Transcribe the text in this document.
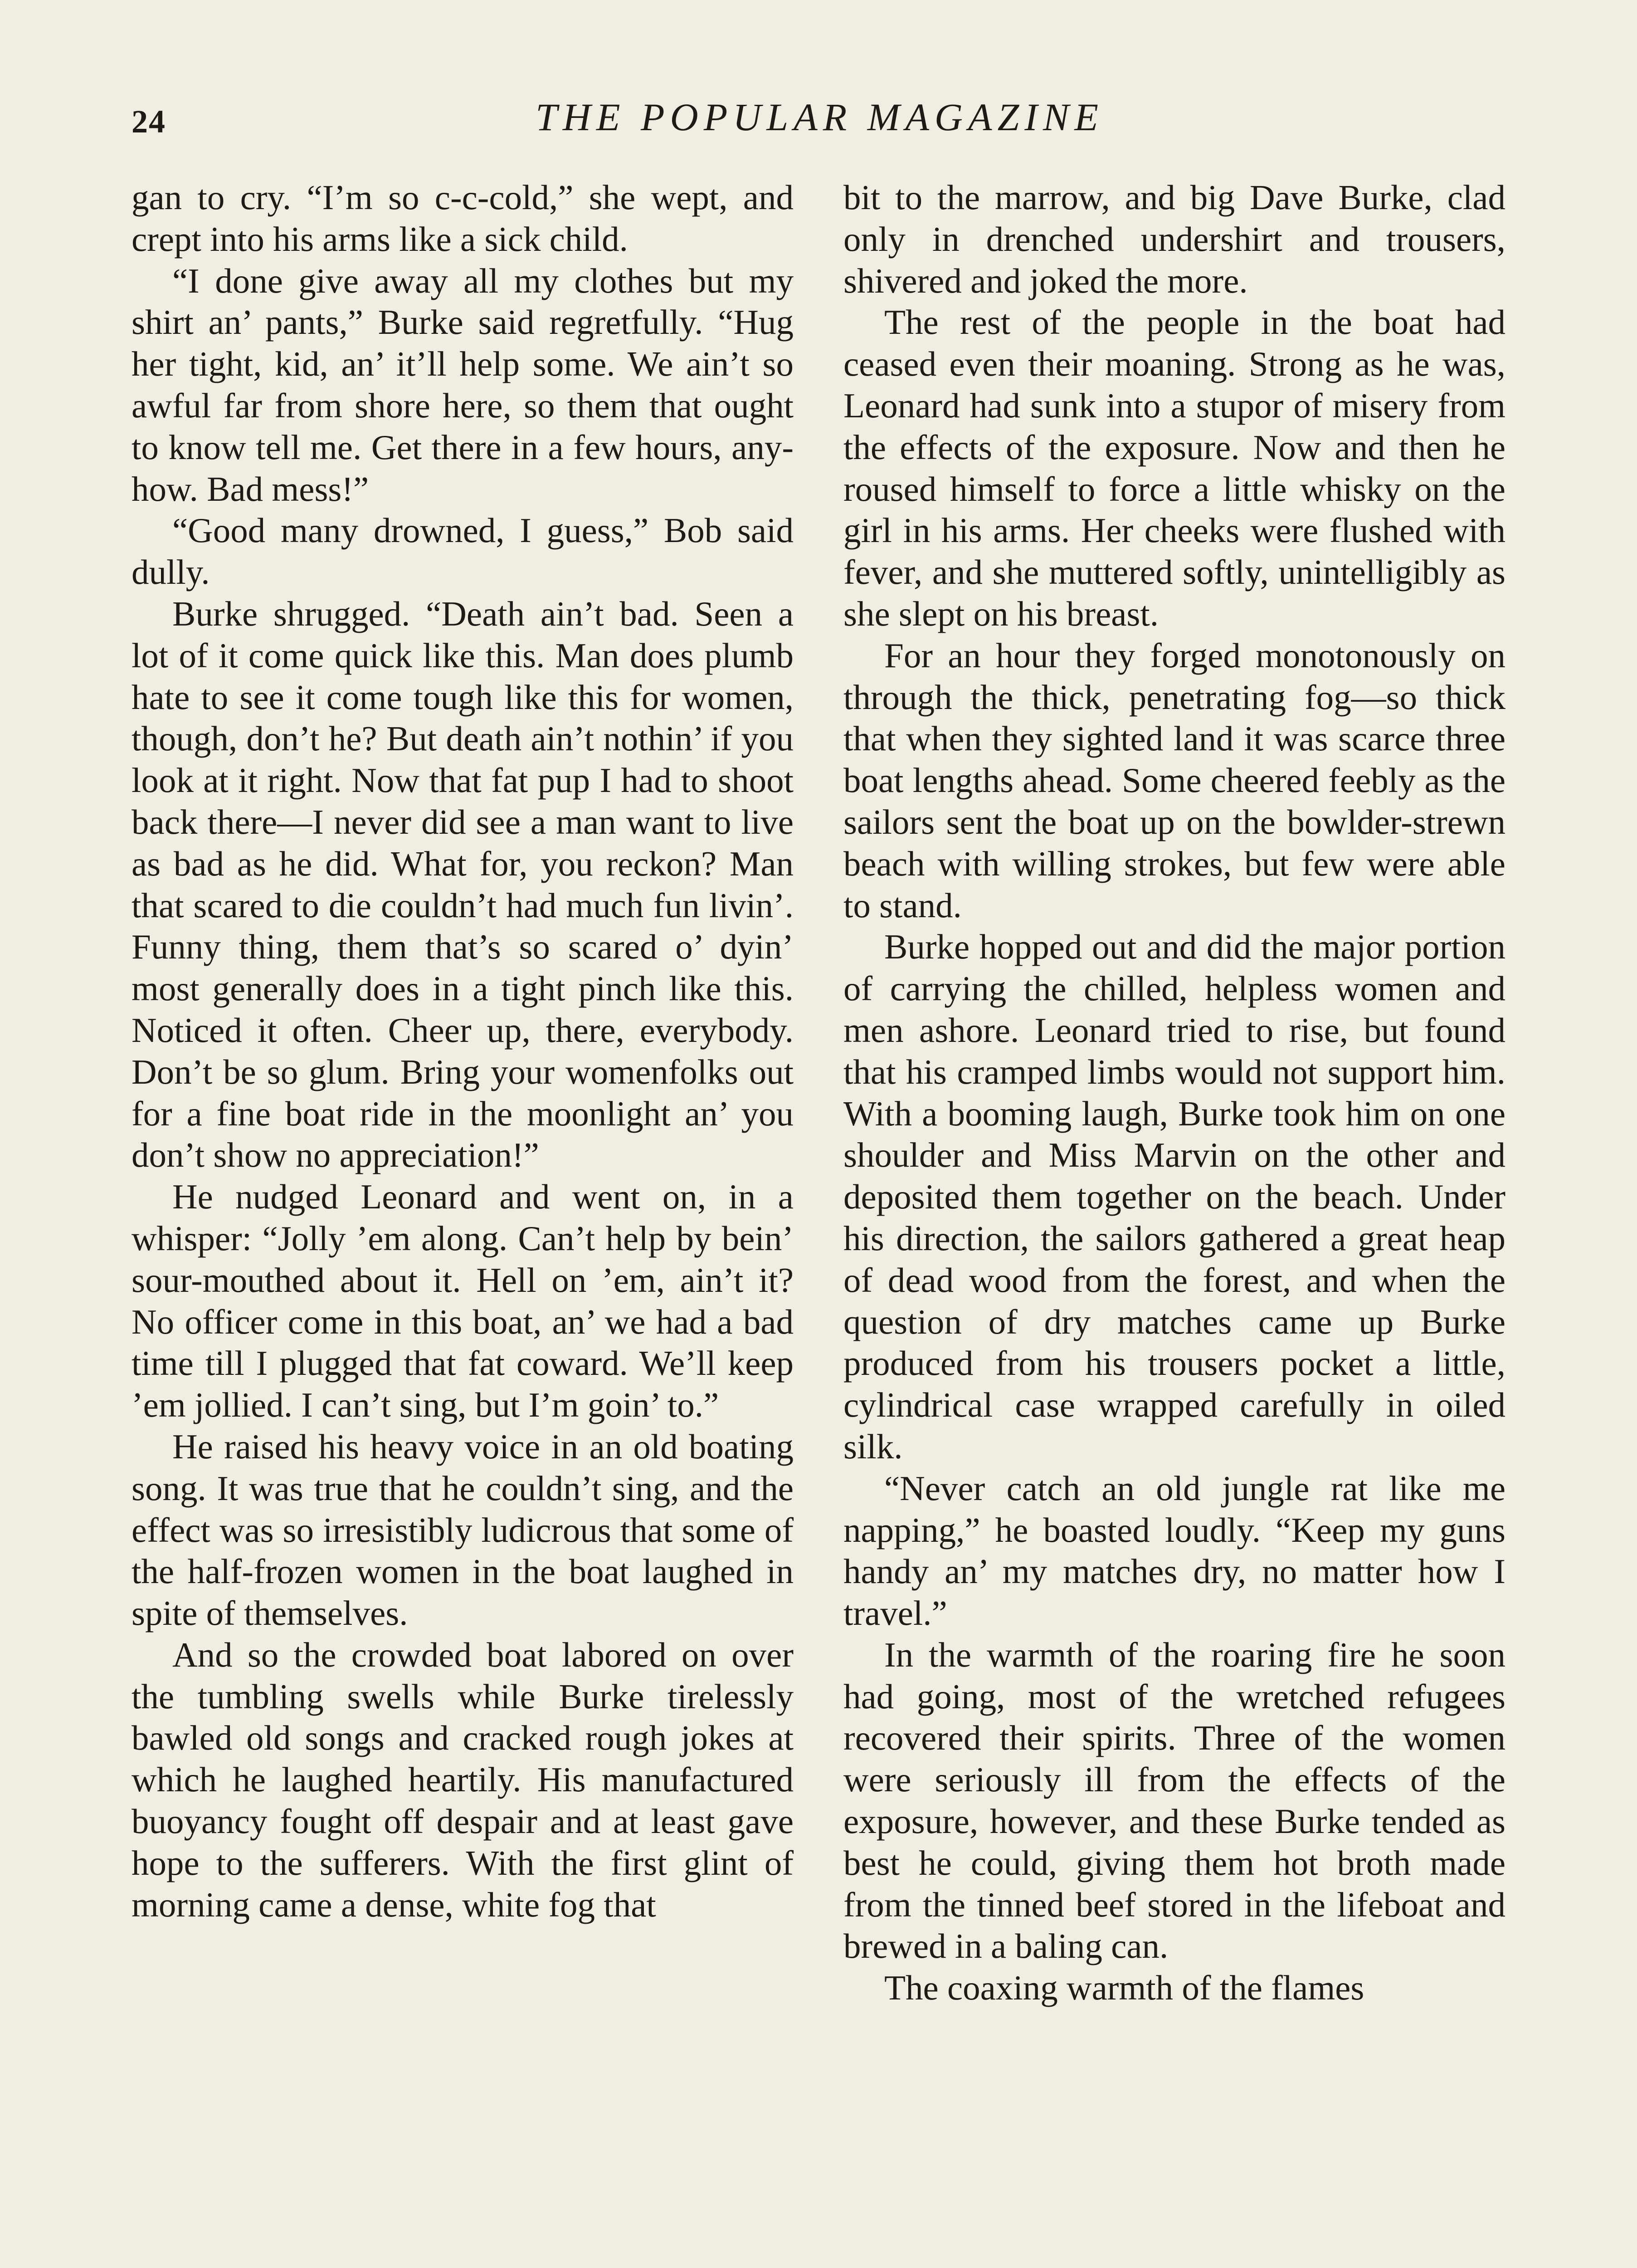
24	THE POPULAR MAGAZINE

gan to cry. “I’m so c-c-cold,” she wept, and crept into his arms like a sick child.

“I done give away all my clothes but my shirt an’ pants,” Burke said regretfully. “Hug her tight, kid, an’ it’ll help some. We ain’t so awful far from shore here, so them that ought to know tell me. Get there in a few hours, anyhow. Bad mess!”

“Good many drowned, I guess,” Bob said dully.

Burke shrugged. “Death ain’t bad. Seen a lot of it come quick like this. Man does plumb hate to see it come tough like this for women, though, don’t he? But death ain’t nothin’ if you look at it right. Now that fat pup I had to shoot back there—I never did see a man want to live as bad as he did. What for, you reckon? Man that scared to die couldn’t had much fun livin’. Funny thing, them that’s so scared o’ dyin’ most generally does in a tight pinch like this. Noticed it often. Cheer up, there, everybody. Don’t be so glum. Bring your womenfolks out for a fine boat ride in the moonlight an’ you don’t show no appreciation!”

He nudged Leonard and went on, in a whisper: “Jolly ’em along. Can’t help by bein’ sour-mouthed about it. Hell on ’em, ain’t it? No officer come in this boat, an’ we had a bad time till I plugged that fat coward. We’ll keep ’em jollied. I can’t sing, but I’m goin’ to.”

He raised his heavy voice in an old boating song. It was true that he couldn’t sing, and the effect was so irresistibly ludicrous that some of the half-frozen women in the boat laughed in spite of themselves.

And so the crowded boat labored on over the tumbling swells while Burke tirelessly bawled old songs and cracked rough jokes at which he laughed heartily. His manufactured buoyancy fought off despair and at least gave hope to the sufferers. With the first glint of morning came a dense, white fog that

bit to the marrow, and big Dave Burke, clad only in drenched undershirt and trousers, shivered and joked the more.

The rest of the people in the boat had ceased even their moaning. Strong as he was, Leonard had sunk into a stupor of misery from the effects of the exposure. Now and then he roused himself to force a little whisky on the girl in his arms. Her cheeks were flushed with fever, and she muttered softly, unintelligibly as she slept on his breast.

For an hour they forged monotonously on through the thick, penetrating fog—so thick that when they sighted land it was scarce three boat lengths ahead. Some cheered feebly as the sailors sent the boat up on the bowlder-strewn beach with willing strokes, but few were able to stand.

Burke hopped out and did the major portion of carrying the chilled, helpless women and men ashore. Leonard tried to rise, but found that his cramped limbs would not support him. With a booming laugh, Burke took him on one shoulder and Miss Marvin on the other and deposited them together on the beach. Under his direction, the sailors gathered a great heap of dead wood from the forest, and when the question of dry matches came up Burke produced from his trousers pocket a little, cylindrical case wrapped carefully in oiled silk.

“Never catch an old jungle rat like me napping,” he boasted loudly. “Keep my guns handy an’ my matches dry, no matter how I travel.”

In the warmth of the roaring fire he soon had going, most of the wretched refugees recovered their spirits. Three of the women were seriously ill from the effects of the exposure, however, and these Burke tended as best he could, giving them hot broth made from the tinned beef stored in the lifeboat and brewed in a baling can.

The coaxing warmth of the flames
